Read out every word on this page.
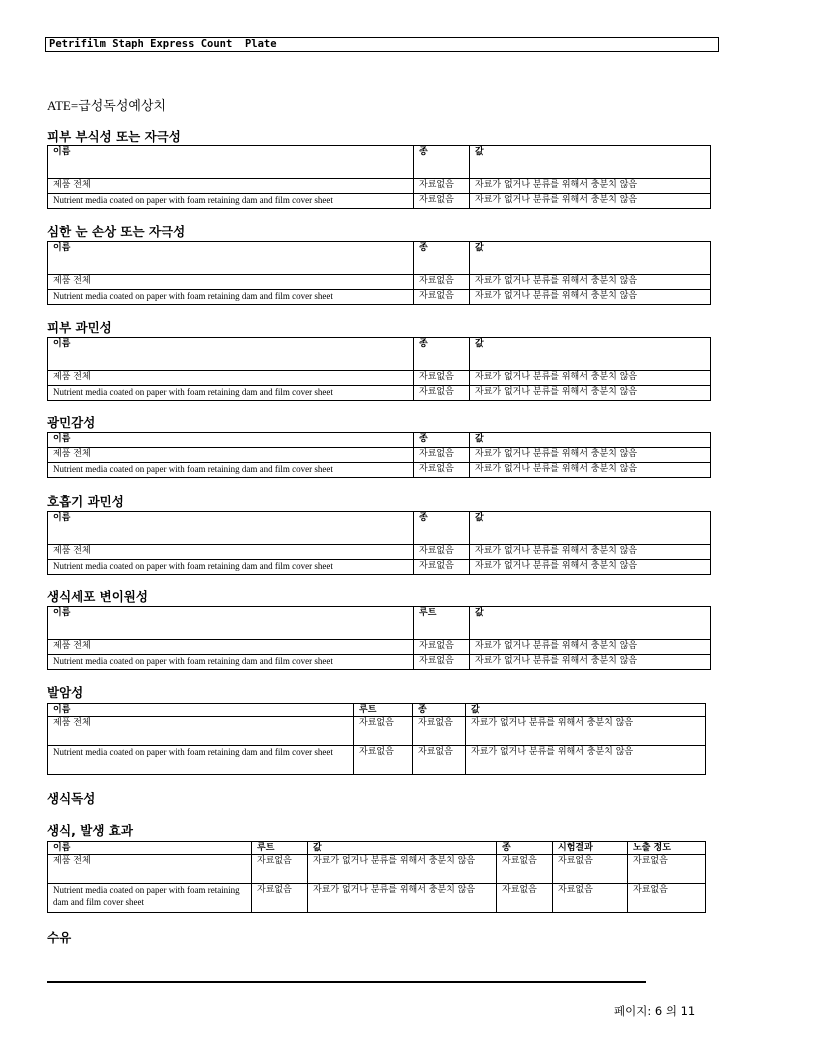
Petrifilm Staph Express Count  Plate
ATE=급성독성예상치
피부 부식성 또는 자극성
이름	종	값
제품 전체	자료없음	자료가 없거나 분류를 위해서 충분치 않음
Nutrient media coated on paper with foam retaining dam and film cover sheet	자료없음	자료가 없거나 분류를 위해서 충분치 않음
심한 눈 손상 또는 자극성
이름	종	값
제품 전체	자료없음	자료가 없거나 분류를 위해서 충분치 않음
Nutrient media coated on paper with foam retaining dam and film cover sheet	자료없음	자료가 없거나 분류를 위해서 충분치 않음
피부 과민성
이름	종	값
제품 전체	자료없음	자료가 없거나 분류를 위해서 충분치 않음
Nutrient media coated on paper with foam retaining dam and film cover sheet	자료없음	자료가 없거나 분류를 위해서 충분치 않음
광민감성
이름	종	값
제품 전체	자료없음	자료가 없거나 분류를 위해서 충분치 않음
Nutrient media coated on paper with foam retaining dam and film cover sheet	자료없음	자료가 없거나 분류를 위해서 충분치 않음
호흡기 과민성
이름	종	값
제품 전체	자료없음	자료가 없거나 분류를 위해서 충분치 않음
Nutrient media coated on paper with foam retaining dam and film cover sheet	자료없음	자료가 없거나 분류를 위해서 충분치 않음
생식세포 변이원성
이름	루트	값
제품 전체	자료없음	자료가 없거나 분류를 위해서 충분치 않음
Nutrient media coated on paper with foam retaining dam and film cover sheet	자료없음	자료가 없거나 분류를 위해서 충분치 않음
발암성
이름	루트	종	값
제품 전체	자료없음	자료없음	자료가 없거나 분류를 위해서 충분치 않음
Nutrient media coated on paper with foam retaining dam and film cover sheet	자료없음	자료없음	자료가 없거나 분류를 위해서 충분치 않음
생식독성
생식, 발생 효과
이름	루트	값	종	시험결과	노출 정도
제품 전체	자료없음	자료가 없거나 분류를 위해서 충분치 않음	자료없음	자료없음	자료없음
Nutrient media coated on paper with foam retaining dam and film cover sheet	자료없음	자료가 없거나 분류를 위해서 충분치 않음	자료없음	자료없음	자료없음
수유
페이지: 6 의 11
